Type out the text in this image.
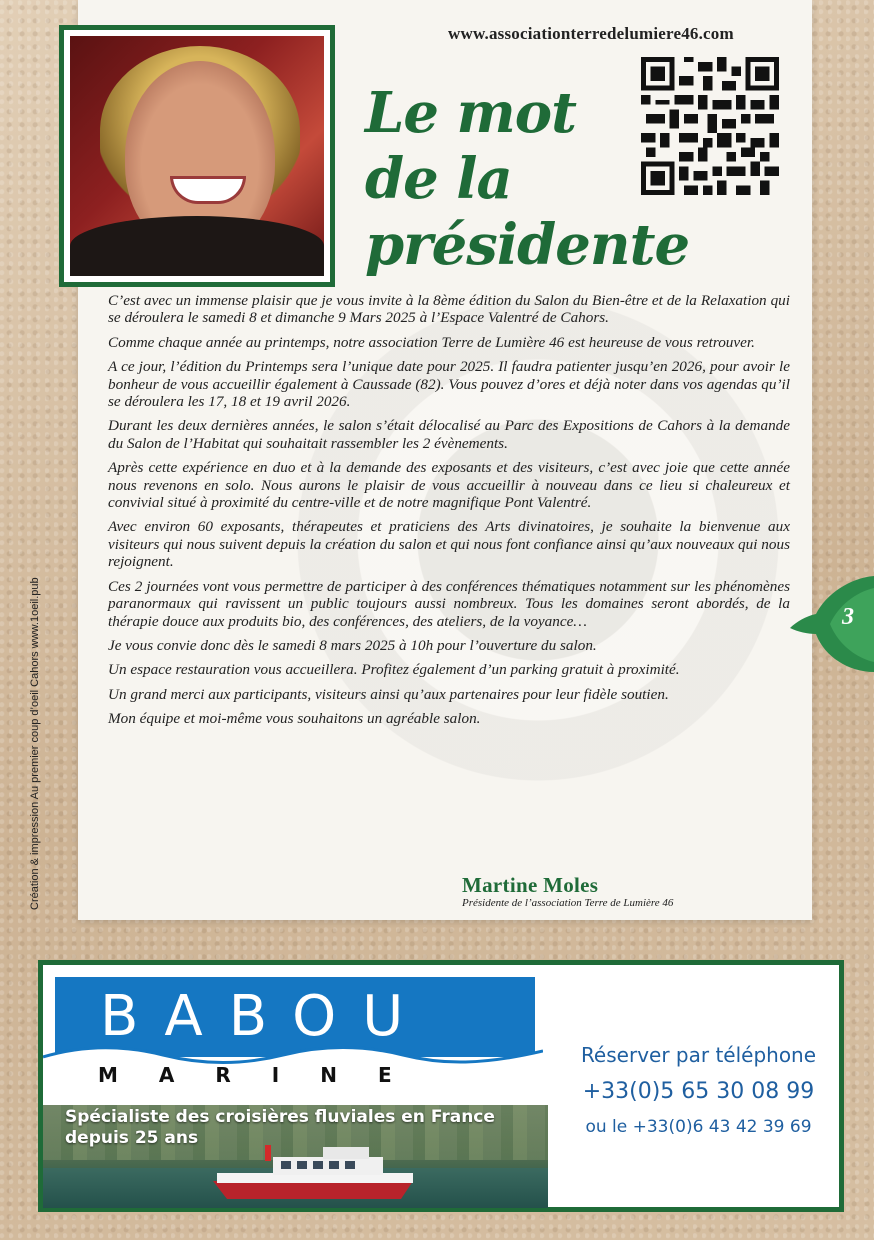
www.associationterredelumiere46.com
Le mot
de la
présidente

C’est avec un immense plaisir que je vous invite à la 8ème édition du Salon du Bien-être et de la Relaxation qui se déroulera le samedi 8 et dimanche 9 Mars 2025 à l’Espace Valentré de Cahors.

Comme chaque année au printemps, notre association Terre de Lumière 46 est heureuse de vous retrouver.

A ce jour, l’édition du Printemps sera l’unique date pour 2025. Il faudra patienter jusqu’en 2026, pour avoir le bonheur de vous accueillir également à Caussade (82). Vous pouvez d’ores et déjà noter dans vos agendas qu’il se déroulera les 17, 18 et 19 avril 2026.

Durant les deux dernières années, le salon s’était délocalisé au Parc des Expositions de Cahors à la demande du Salon de l’Habitat qui souhaitait rassembler les 2 évènements.

Après cette expérience en duo et à la demande des exposants et des visiteurs, c’est avec joie que cette année nous revenons en solo. Nous aurons le plaisir de vous accueillir à nouveau dans ce lieu si chaleureux et convivial situé à proximité du centre-ville et de notre magnifique Pont Valentré.

Avec environ 60 exposants, thérapeutes et praticiens des Arts divinatoires, je souhaite la bienvenue aux visiteurs qui nous suivent depuis la création du salon et qui nous font confiance ainsi qu’aux nouveaux qui nous rejoignent.

Ces 2 journées vont vous permettre de participer à des conférences thématiques notamment sur les phénomènes paranormaux qui ravissent un public toujours aussi nombreux. Tous les domaines seront abordés, de la thérapie douce aux produits bio, des conférences, des ateliers, de la voyance…

Je vous convie donc dès le samedi 8 mars 2025 à 10h pour l’ouverture du salon.

Un espace restauration vous accueillera. Profitez également d’un parking gratuit à proximité.

Un grand merci aux participants, visiteurs ainsi qu’aux partenaires pour leur fidèle soutien.

Mon équipe et moi-même vous souhaitons un agréable salon.

Martine Moles
Présidente de l’association Terre de Lumière 46
3
Création & impression Au premier coup d’oeil Cahors www.1oeil.pub
BABOU
MARINE
Spécialiste des croisières fluviales en France
depuis 25 ans
Réserver par téléphone
+33(0)5 65 30 08 99
ou le +33(0)6 43 42 39 69
